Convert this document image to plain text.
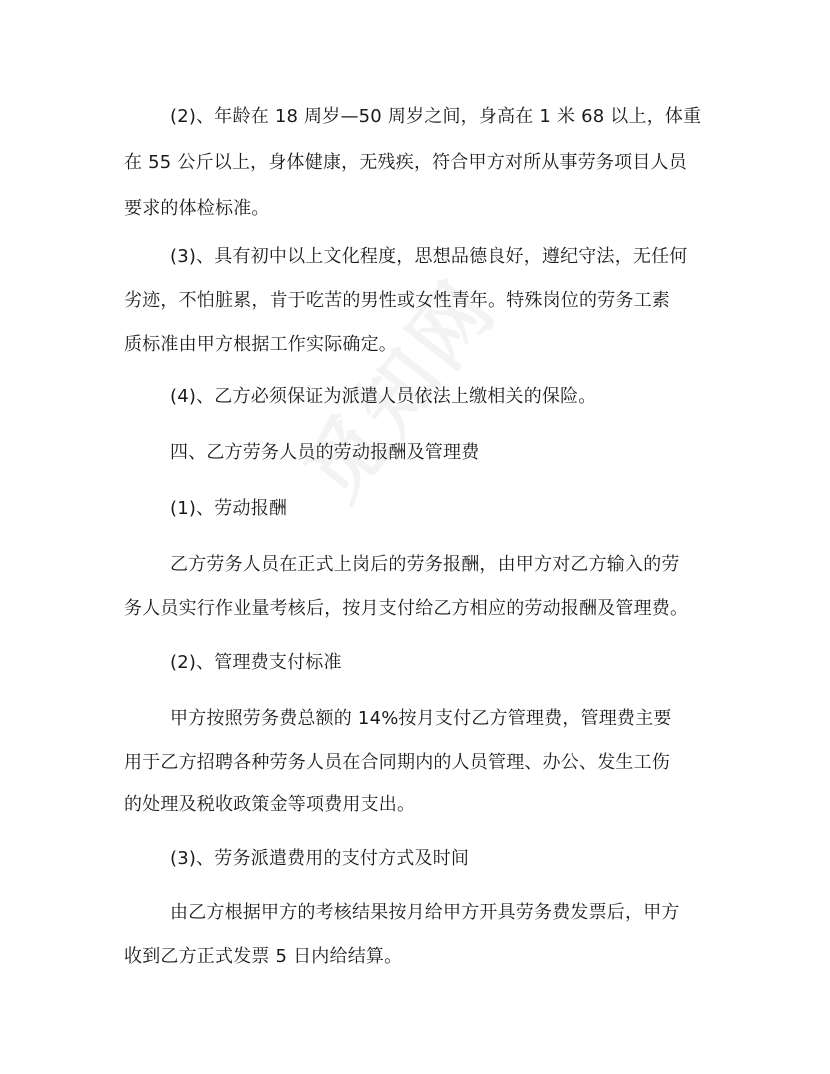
(2)、年龄在 18 周岁—50 周岁之间，身高在 1 米 68 以上，体重
在 55 公斤以上，身体健康，无残疾，符合甲方对所从事劳务项目人员
要求的体检标准。
(3)、具有初中以上文化程度，思想品德良好，遵纪守法，无任何
劣迹，不怕脏累，肯于吃苦的男性或女性青年。特殊岗位的劳务工素
质标准由甲方根据工作实际确定。
(4)、乙方必须保证为派遣人员依法上缴相关的保险。
四、乙方劳务人员的劳动报酬及管理费
(1)、劳动报酬
乙方劳务人员在正式上岗后的劳务报酬，由甲方对乙方输入的劳
务人员实行作业量考核后，按月支付给乙方相应的劳动报酬及管理费。
(2)、管理费支付标准
甲方按照劳务费总额的 14%按月支付乙方管理费，管理费主要
用于乙方招聘各种劳务人员在合同期内的人员管理、办公、发生工伤
的处理及税收政策金等项费用支出。
(3)、劳务派遣费用的支付方式及时间
由乙方根据甲方的考核结果按月给甲方开具劳务费发票后，甲方
收到乙方正式发票 5 日内给结算。
